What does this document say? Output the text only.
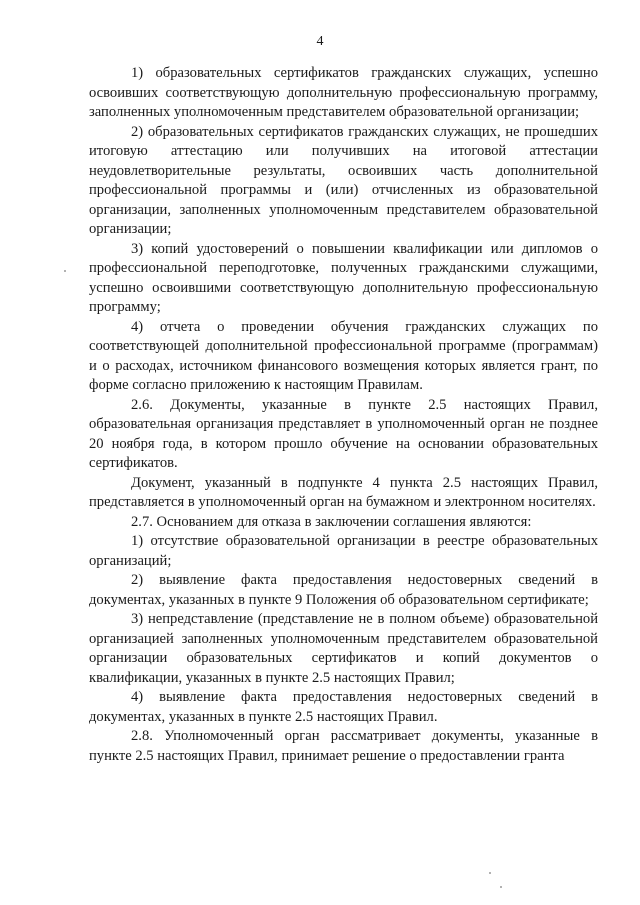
4

1) образовательных сертификатов гражданских служащих, успешно освоивших соответствующую дополнительную профессиональную программу, заполненных уполномоченным представителем образовательной организации;

2) образовательных сертификатов гражданских служащих, не прошедших итоговую аттестацию или получивших на итоговой аттестации неудовлетворительные результаты, освоивших часть дополнительной профессиональной программы и (или) отчисленных из образовательной организации, заполненных уполномоченным представителем образовательной организации;

3) копий удостоверений о повышении квалификации или дипломов о профессиональной переподготовке, полученных гражданскими служащими, успешно освоившими соответствующую дополнительную профессиональную программу;

4) отчета о проведении обучения гражданских служащих по соответствующей дополнительной профессиональной программе (программам) и о расходах, источником финансового возмещения которых является грант, по форме согласно приложению к настоящим Правилам.

2.6. Документы, указанные в пункте 2.5 настоящих Правил, образовательная организация представляет в уполномоченный орган не позднее 20 ноября года, в котором прошло обучение на основании образовательных сертификатов.

Документ, указанный в подпункте 4 пункта 2.5 настоящих Правил, представляется в уполномоченный орган на бумажном и электронном носителях.

2.7. Основанием для отказа в заключении соглашения являются:

1) отсутствие образовательной организации в реестре образовательных организаций;

2) выявление факта предоставления недостоверных сведений в документах, указанных в пункте 9 Положения об образовательном сертификате;

3) непредставление (представление не в полном объеме) образовательной организацией заполненных уполномоченным представителем образовательной организации образовательных сертификатов и копий документов о квалификации, указанных в пункте 2.5 настоящих Правил;

4) выявление факта предоставления недостоверных сведений в документах, указанных в пункте 2.5 настоящих Правил.

2.8. Уполномоченный орган рассматривает документы, указанные в пункте 2.5 настоящих Правил, принимает решение о предоставлении гранта
